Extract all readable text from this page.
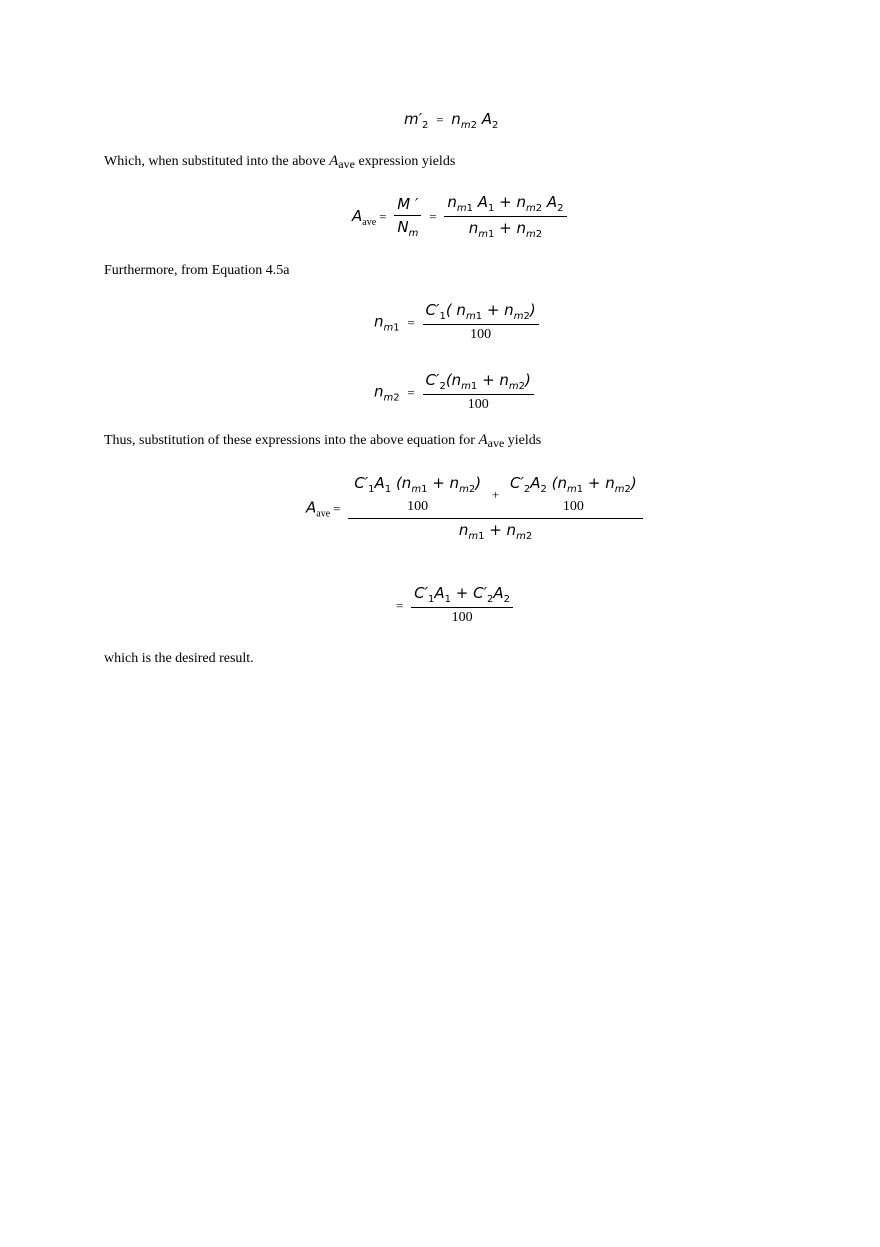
$m'_2 = n_{m2}$ $A_2$
Which, when substituted into the above $A_{ave}$ expression yields
$A_{ave} = \frac{M '}{N_m} = \frac{n_{m1} A_1 + n_{m2} A_2}{n_{m1} + n_{m2}}$
Furthermore, from Equation 4.5a
$n_{m1} = \frac{C'_1( n_{m1} + n_{m2})}{100}$
$n_{m2} = \frac{C'_2(n_{m1} + n_{m2})}{100}$
Thus, substitution of these expressions into the above equation for $A_{ave}$ yields
$A_{ave} = C'_1A_1$ $(n_{m1} + n_{m2})$
100
+
$C'_2A_2$ $(n_{m1} + n_{m2})$
100
$n_{m1} + n_{m2}$
= $\frac{C'_1A_1 + C'_2A_2}{100}$
which is the desired result.
